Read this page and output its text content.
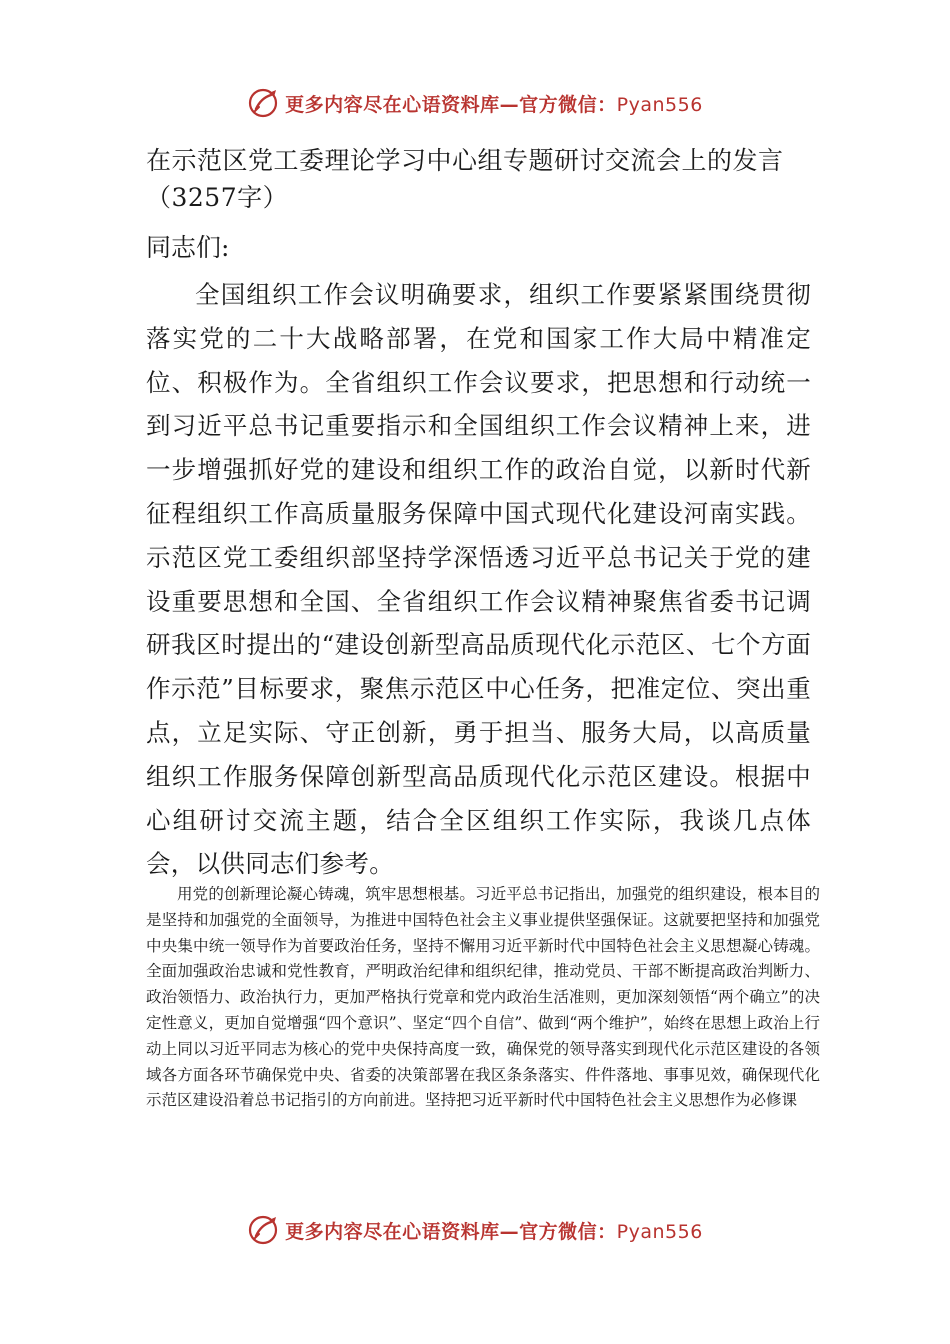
更多内容尽在心语资料库—官方微信：Pyan556
在示范区党工委理论学习中心组专题研讨交流会上的发言
（3257字）
同志们:

全国组织工作会议明确要求，组织工作要紧紧围绕贯彻落实党的二十大战略部署，在党和国家工作大局中精准定位、积极作为。全省组织工作会议要求，把思想和行动统一到习近平总书记重要指示和全国组织工作会议精神上来，进一步增强抓好党的建设和组织工作的政治自觉，以新时代新征程组织工作高质量服务保障中国式现代化建设河南实践。示范区党工委组织部坚持学深悟透习近平总书记关于党的建设重要思想和全国、全省组织工作会议精神聚焦省委书记调研我区时提出的“建设创新型高品质现代化示范区、七个方面作示范”目标要求，聚焦示范区中心任务，把准定位、突出重点，立足实际、守正创新，勇于担当、服务大局，以高质量组织工作服务保障创新型高品质现代化示范区建设。根据中心组研讨交流主题，结合全区组织工作实际，我谈几点体会，以供同志们参考。

用党的创新理论凝心铸魂，筑牢思想根基。习近平总书记指出，加强党的组织建设，根本目的是坚持和加强党的全面领导，为推进中国特色社会主义事业提供坚强保证。这就要把坚持和加强党中央集中统一领导作为首要政治任务，坚持不懈用习近平新时代中国特色社会主义思想凝心铸魂。全面加强政治忠诚和党性教育，严明政治纪律和组织纪律，推动党员、干部不断提高政治判断力、政治领悟力、政治执行力，更加严格执行党章和党内政治生活准则，更加深刻领悟“两个确立”的决定性意义，更加自觉增强“四个意识”、坚定“四个自信”、做到“两个维护”，始终在思想上政治上行动上同以习近平同志为核心的党中央保持高度一致，确保党的领导落实到现代化示范区建设的各领域各方面各环节确保党中央、省委的决策部署在我区条条落实、件件落地、事事见效，确保现代化示范区建设沿着总书记指引的方向前进。坚持把习近平新时代中国特色社会主义思想作为必修课

更多内容尽在心语资料库—官方微信：Pyan556
